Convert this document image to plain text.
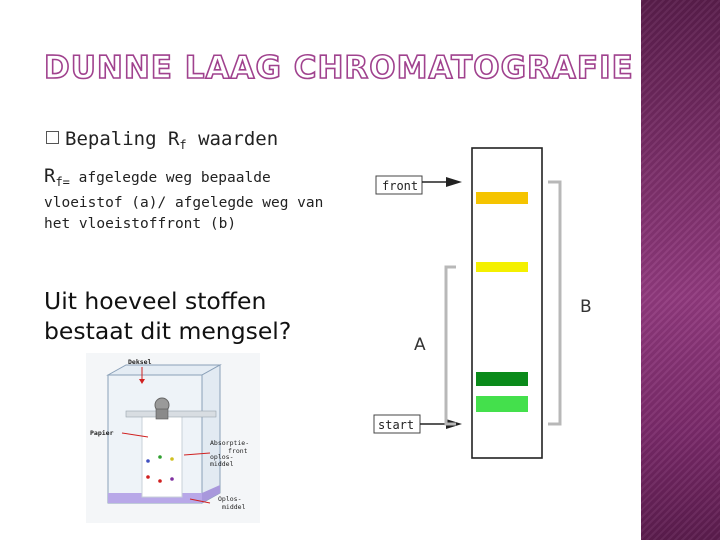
DUNNE LAAG CHROMATOGRAFIE
Bepaling $R_f$ waarden
$R_{f=}$ afgelegde weg bepaalde vloeistof (a)/ afgelegde weg van het vloeistoffront (b)
Uit hoeveel stoffen bestaat dit mengsel?
Deksel
Papier
Absorptie-
front
oplos-
middel
Oplos-
middel
front
start
A
B
